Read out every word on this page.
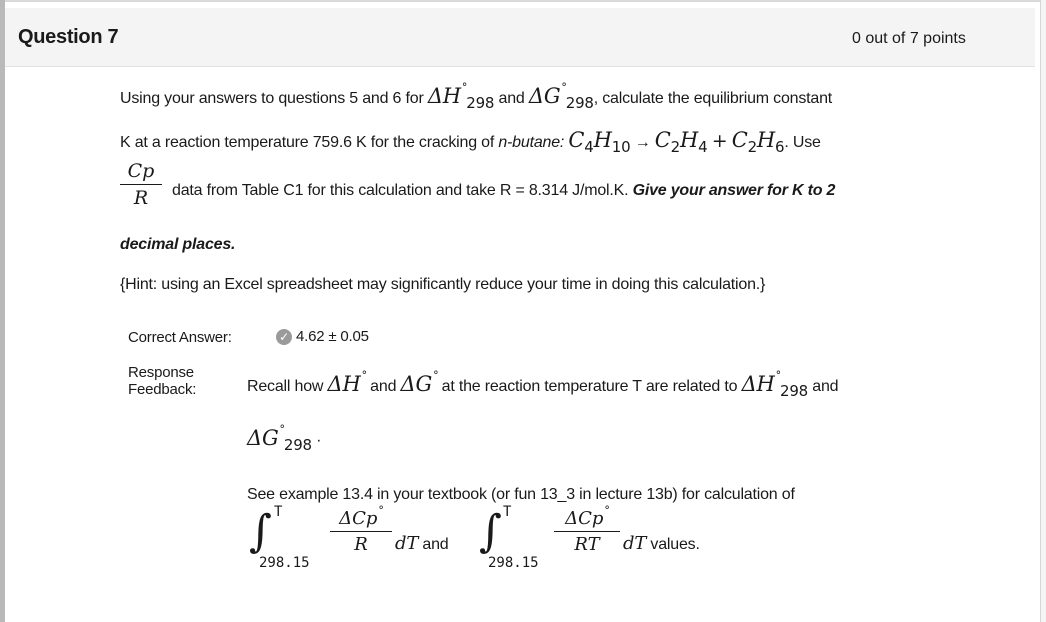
Question 7	0 out of 7 points
Using your answers to questions 5 and 6 for ΔH°298 and ΔG°298, calculate the equilibrium constant
K at a reaction temperature 759.6 K for the cracking of n-butane: $C_4H_{10} \to C_2H_4 + C_2H_6$. Use
Cp
R	data from Table C1 for this calculation and take R = 8.314 J/mol.K. Give your answer for K to 2
decimal places.
{Hint: using an Excel spreadsheet may significantly reduce your time in doing this calculation.}
Correct Answer:	✓ 4.62 ± 0.05
Response
Feedback:	Recall how ΔH° and ΔG° at the reaction temperature T are related to ΔH°298 and
ΔG°298 ·
See example 13.4 in your textbook (or fun 13_3 in lecture 13b) for calculation of
∫ T
298.15
ΔCp°
R	dT and ∫ T
298.15
ΔCp°
RT	dT values.
